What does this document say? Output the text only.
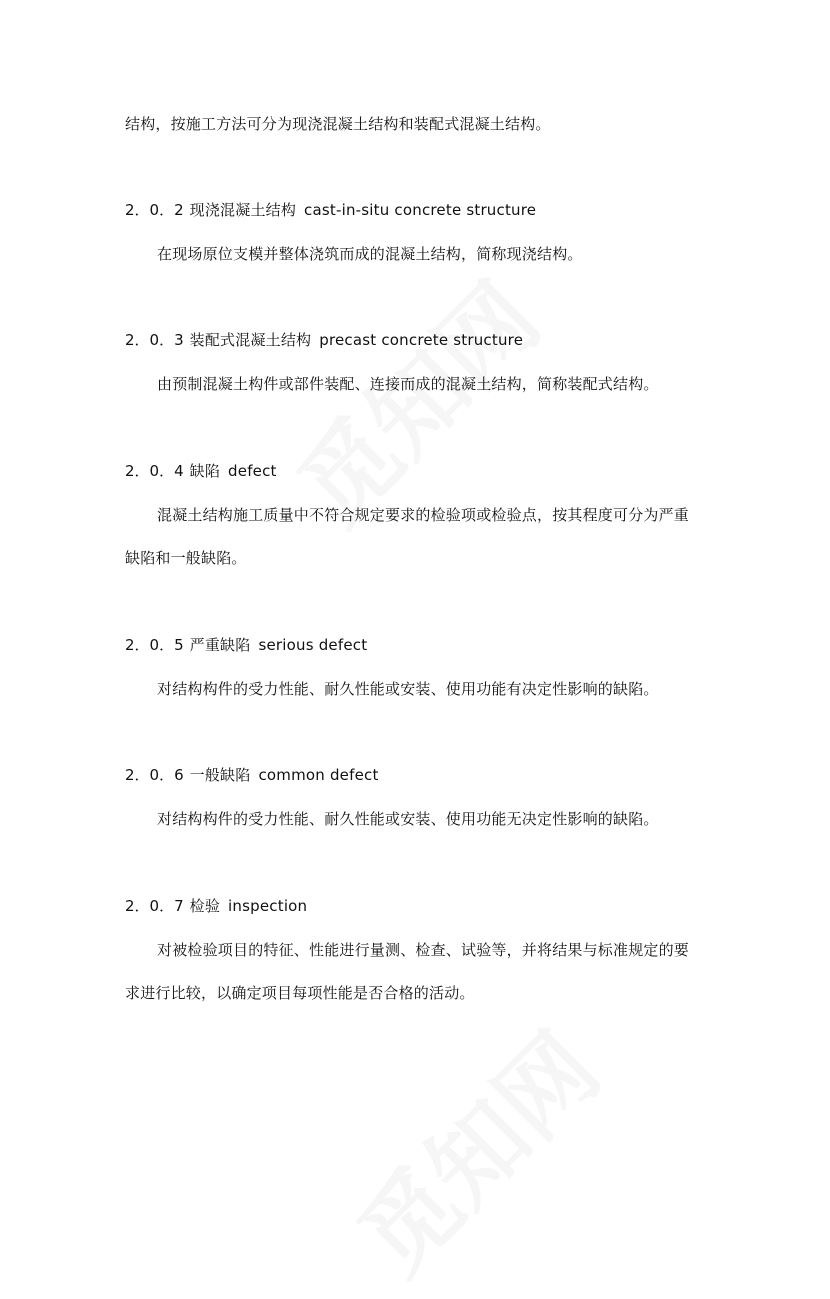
结构，按施工方法可分为现浇混凝土结构和装配式混凝土结构。
2．0．2 现浇混凝土结构 cast-in-situ concrete structure
在现场原位支模并整体浇筑而成的混凝土结构，简称现浇结构。
2．0．3 装配式混凝土结构 precast concrete structure
由预制混凝土构件或部件装配、连接而成的混凝土结构，简称装配式结构。
2．0．4 缺陷 defect
混凝土结构施工质量中不符合规定要求的检验项或检验点，按其程度可分为严重
缺陷和一般缺陷。
2．0．5 严重缺陷 serious defect
对结构构件的受力性能、耐久性能或安装、使用功能有决定性影响的缺陷。
2．0．6 一般缺陷 common defect
对结构构件的受力性能、耐久性能或安装、使用功能无决定性影响的缺陷。
2．0．7 检验 inspection
对被检验项目的特征、性能进行量测、检查、试验等，并将结果与标准规定的要
求进行比较，以确定项目每项性能是否合格的活动。
